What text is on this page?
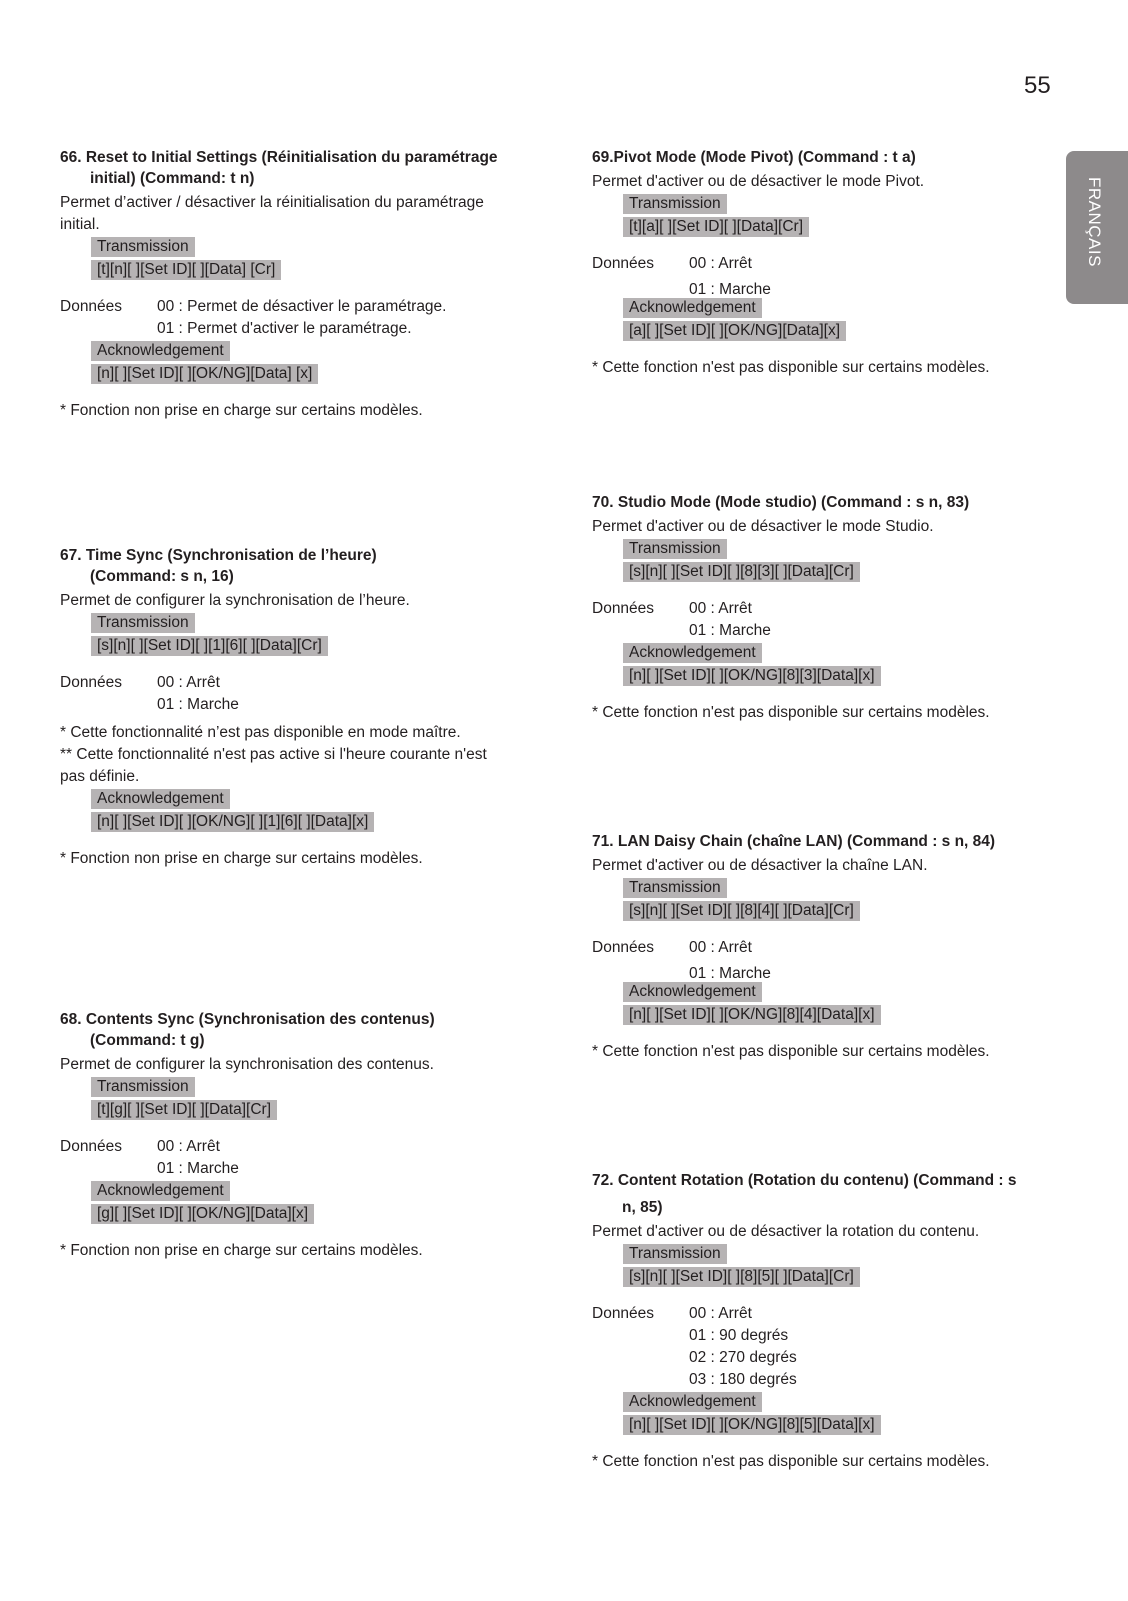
55
FRANÇAIS

66. Reset to Initial Settings (Réinitialisation du paramétrage
initial) (Command: t n)

Permet d’activer / désactiver la réinitialisation du paramétrage
initial.
Transmission
[t][n][ ][Set ID][ ][Data] [Cr]
Données	00 : Permet de désactiver le paramétrage.
01 : Permet d'activer le paramétrage.
Acknowledgement
[n][ ][Set ID][ ][OK/NG][Data] [x]
* Fonction non prise en charge sur certains modèles.

67. Time Sync (Synchronisation de l’heure)
(Command: s n, 16)

Permet de configurer la synchronisation de l’heure.
Transmission
[s][n][ ][Set ID][ ][1][6][ ][Data][Cr]
Données	00 : Arrêt
01 : Marche
* Cette fonctionnalité n’est pas disponible en mode maître.
** Cette fonctionnalité n'est pas active si l'heure courante n'est
pas définie.
Acknowledgement
[n][ ][Set ID][ ][OK/NG][ ][1][6][ ][Data][x]
* Fonction non prise en charge sur certains modèles.

68. Contents Sync (Synchronisation des contenus)
(Command: t g)

Permet de configurer la synchronisation des contenus.
Transmission
[t][g][ ][Set ID][ ][Data][Cr]
Données	00 : Arrêt
01 : Marche
Acknowledgement
[g][ ][Set ID][ ][OK/NG][Data][x]
* Fonction non prise en charge sur certains modèles.

69.Pivot Mode (Mode Pivot) (Command : t a)

Permet d'activer ou de désactiver le mode Pivot.
Transmission
[t][a][ ][Set ID][ ][Data][Cr]
Données	00 : Arrêt
01 : Marche
Acknowledgement
[a][ ][Set ID][ ][OK/NG][Data][x]
* Cette fonction n'est pas disponible sur certains modèles.

70. Studio Mode (Mode studio) (Command : s n, 83)

Permet d'activer ou de désactiver le mode Studio.
Transmission
[s][n][ ][Set ID][ ][8][3][ ][Data][Cr]
Données	00 : Arrêt
01 : Marche
Acknowledgement
[n][ ][Set ID][ ][OK/NG][8][3][Data][x]
* Cette fonction n'est pas disponible sur certains modèles.

71. LAN Daisy Chain (chaîne LAN) (Command : s n, 84)

Permet d'activer ou de désactiver la chaîne LAN.
Transmission
[s][n][ ][Set ID][ ][8][4][ ][Data][Cr]
Données	00 : Arrêt
01 : Marche
Acknowledgement
[n][ ][Set ID][ ][OK/NG][8][4][Data][x]
* Cette fonction n'est pas disponible sur certains modèles.

72. Content Rotation (Rotation du contenu) (Command : s
n, 85)

Permet d'activer ou de désactiver la rotation du contenu.
Transmission
[s][n][ ][Set ID][ ][8][5][ ][Data][Cr]
Données	00 : Arrêt
01 : 90 degrés
02 : 270 degrés
03 : 180 degrés
Acknowledgement
[n][ ][Set ID][ ][OK/NG][8][5][Data][x]
* Cette fonction n'est pas disponible sur certains modèles.
